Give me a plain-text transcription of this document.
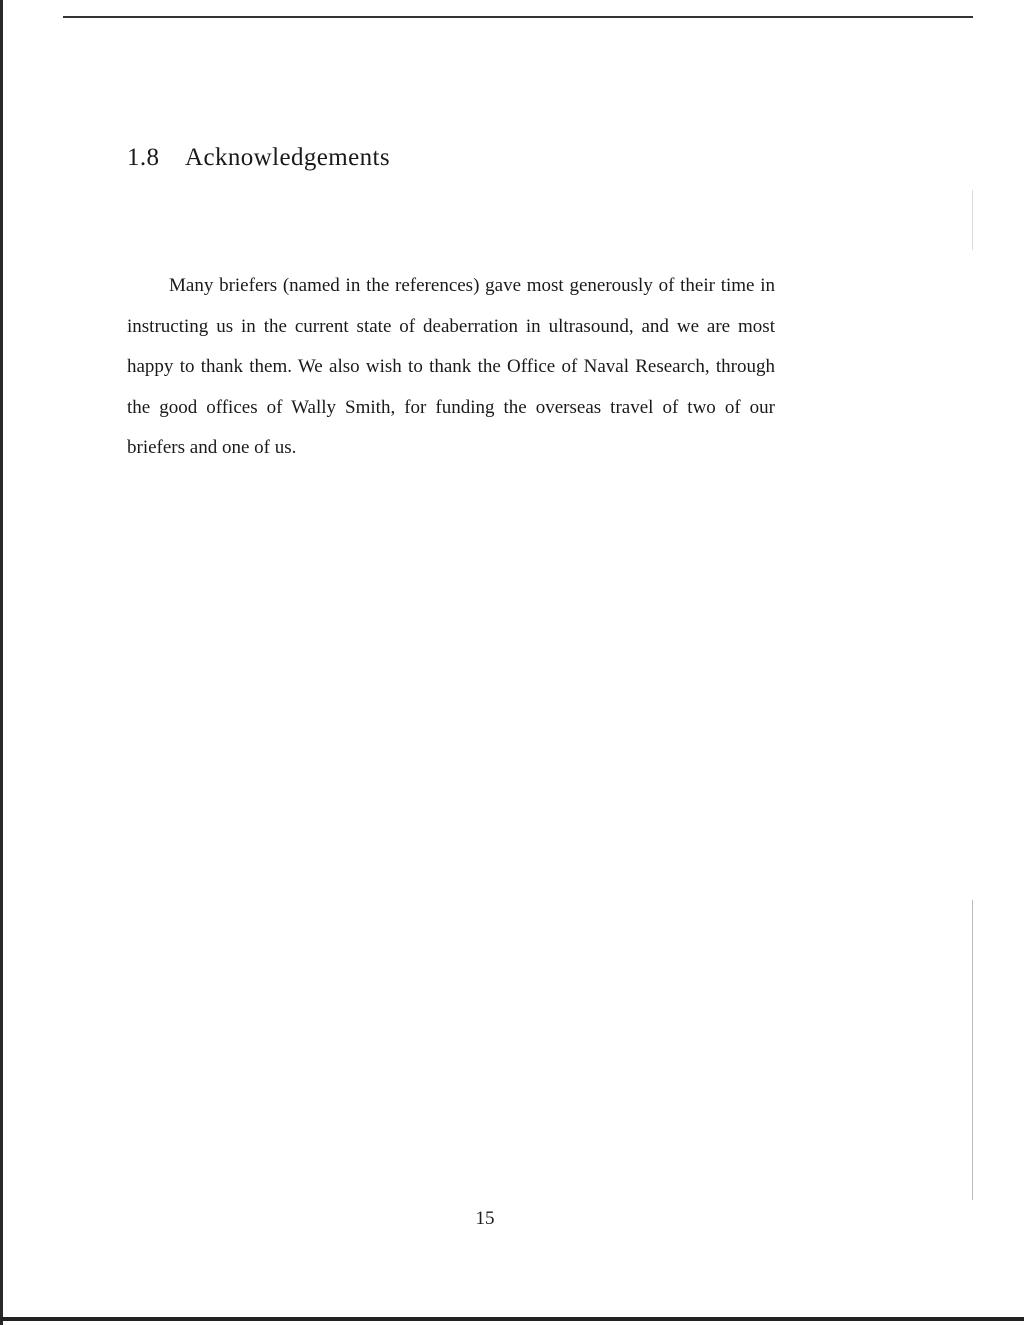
1.8 Acknowledgements

Many briefers (named in the references) gave most generously of their time in instructing us in the current state of deaberration in ultrasound, and we are most happy to thank them. We also wish to thank the Office of Naval Research, through the good offices of Wally Smith, for funding the overseas travel of two of our briefers and one of us.

15
